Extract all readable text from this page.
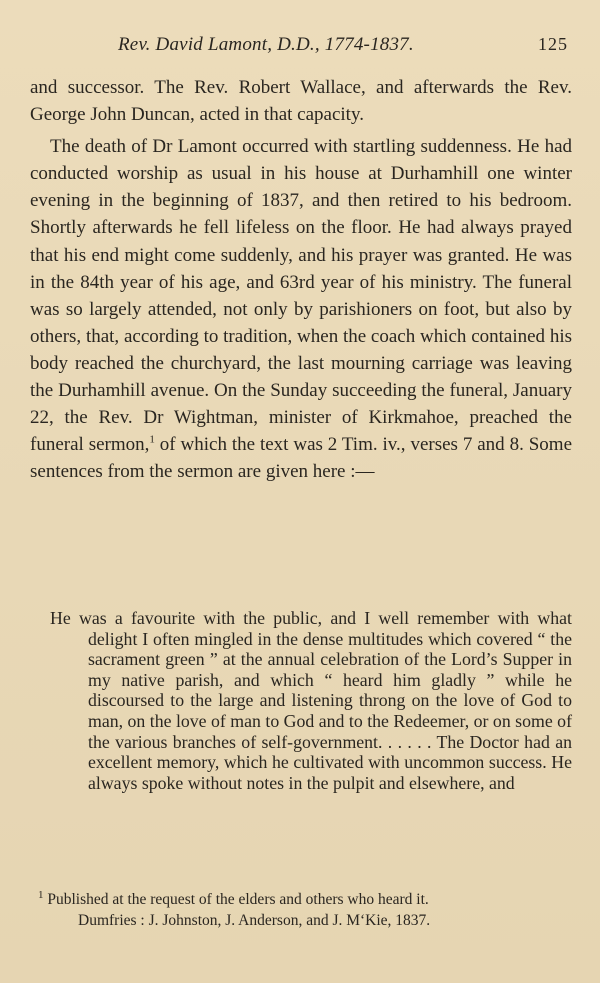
Rev. David Lamont, D.D., 1774-1837.	125

and successor. The Rev. Robert Wallace, and afterwards the Rev. George John Duncan, acted in that capacity.

The death of Dr Lamont occurred with startling suddenness. He had conducted worship as usual in his house at Durhamhill one winter evening in the beginning of 1837, and then retired to his bedroom. Shortly afterwards he fell lifeless on the floor. He had always prayed that his end might come suddenly, and his prayer was granted. He was in the 84th year of his age, and 63rd year of his ministry. The funeral was so largely attended, not only by parishioners on foot, but also by others, that, according to tradition, when the coach which contained his body reached the churchyard, the last mourning carriage was leaving the Durhamhill avenue. On the Sunday succeeding the funeral, January 22, the Rev. Dr Wightman, minister of Kirkmahoe, preached the funeral sermon,$^1$ of which the text was 2 Tim. iv., verses 7 and 8. Some sentences from the sermon are given here :—

He was a favourite with the public, and I well remember with what delight I often mingled in the dense multitudes which covered “ the sacrament green ” at the annual celebration of the Lord’s Supper in my native parish, and which “ heard him gladly ” while he discoursed to the large and listening throng on the love of God to man, on the love of man to God and to the Redeemer, or on some of the various branches of self-government. . . . . . The Doctor had an excellent memory, which he cultivated with uncommon success. He always spoke without notes in the pulpit and elsewhere, and

$^1$ Published at the request of the elders and others who heard it.
Dumfries : J. Johnston, J. Anderson, and J. M‘Kie, 1837.
